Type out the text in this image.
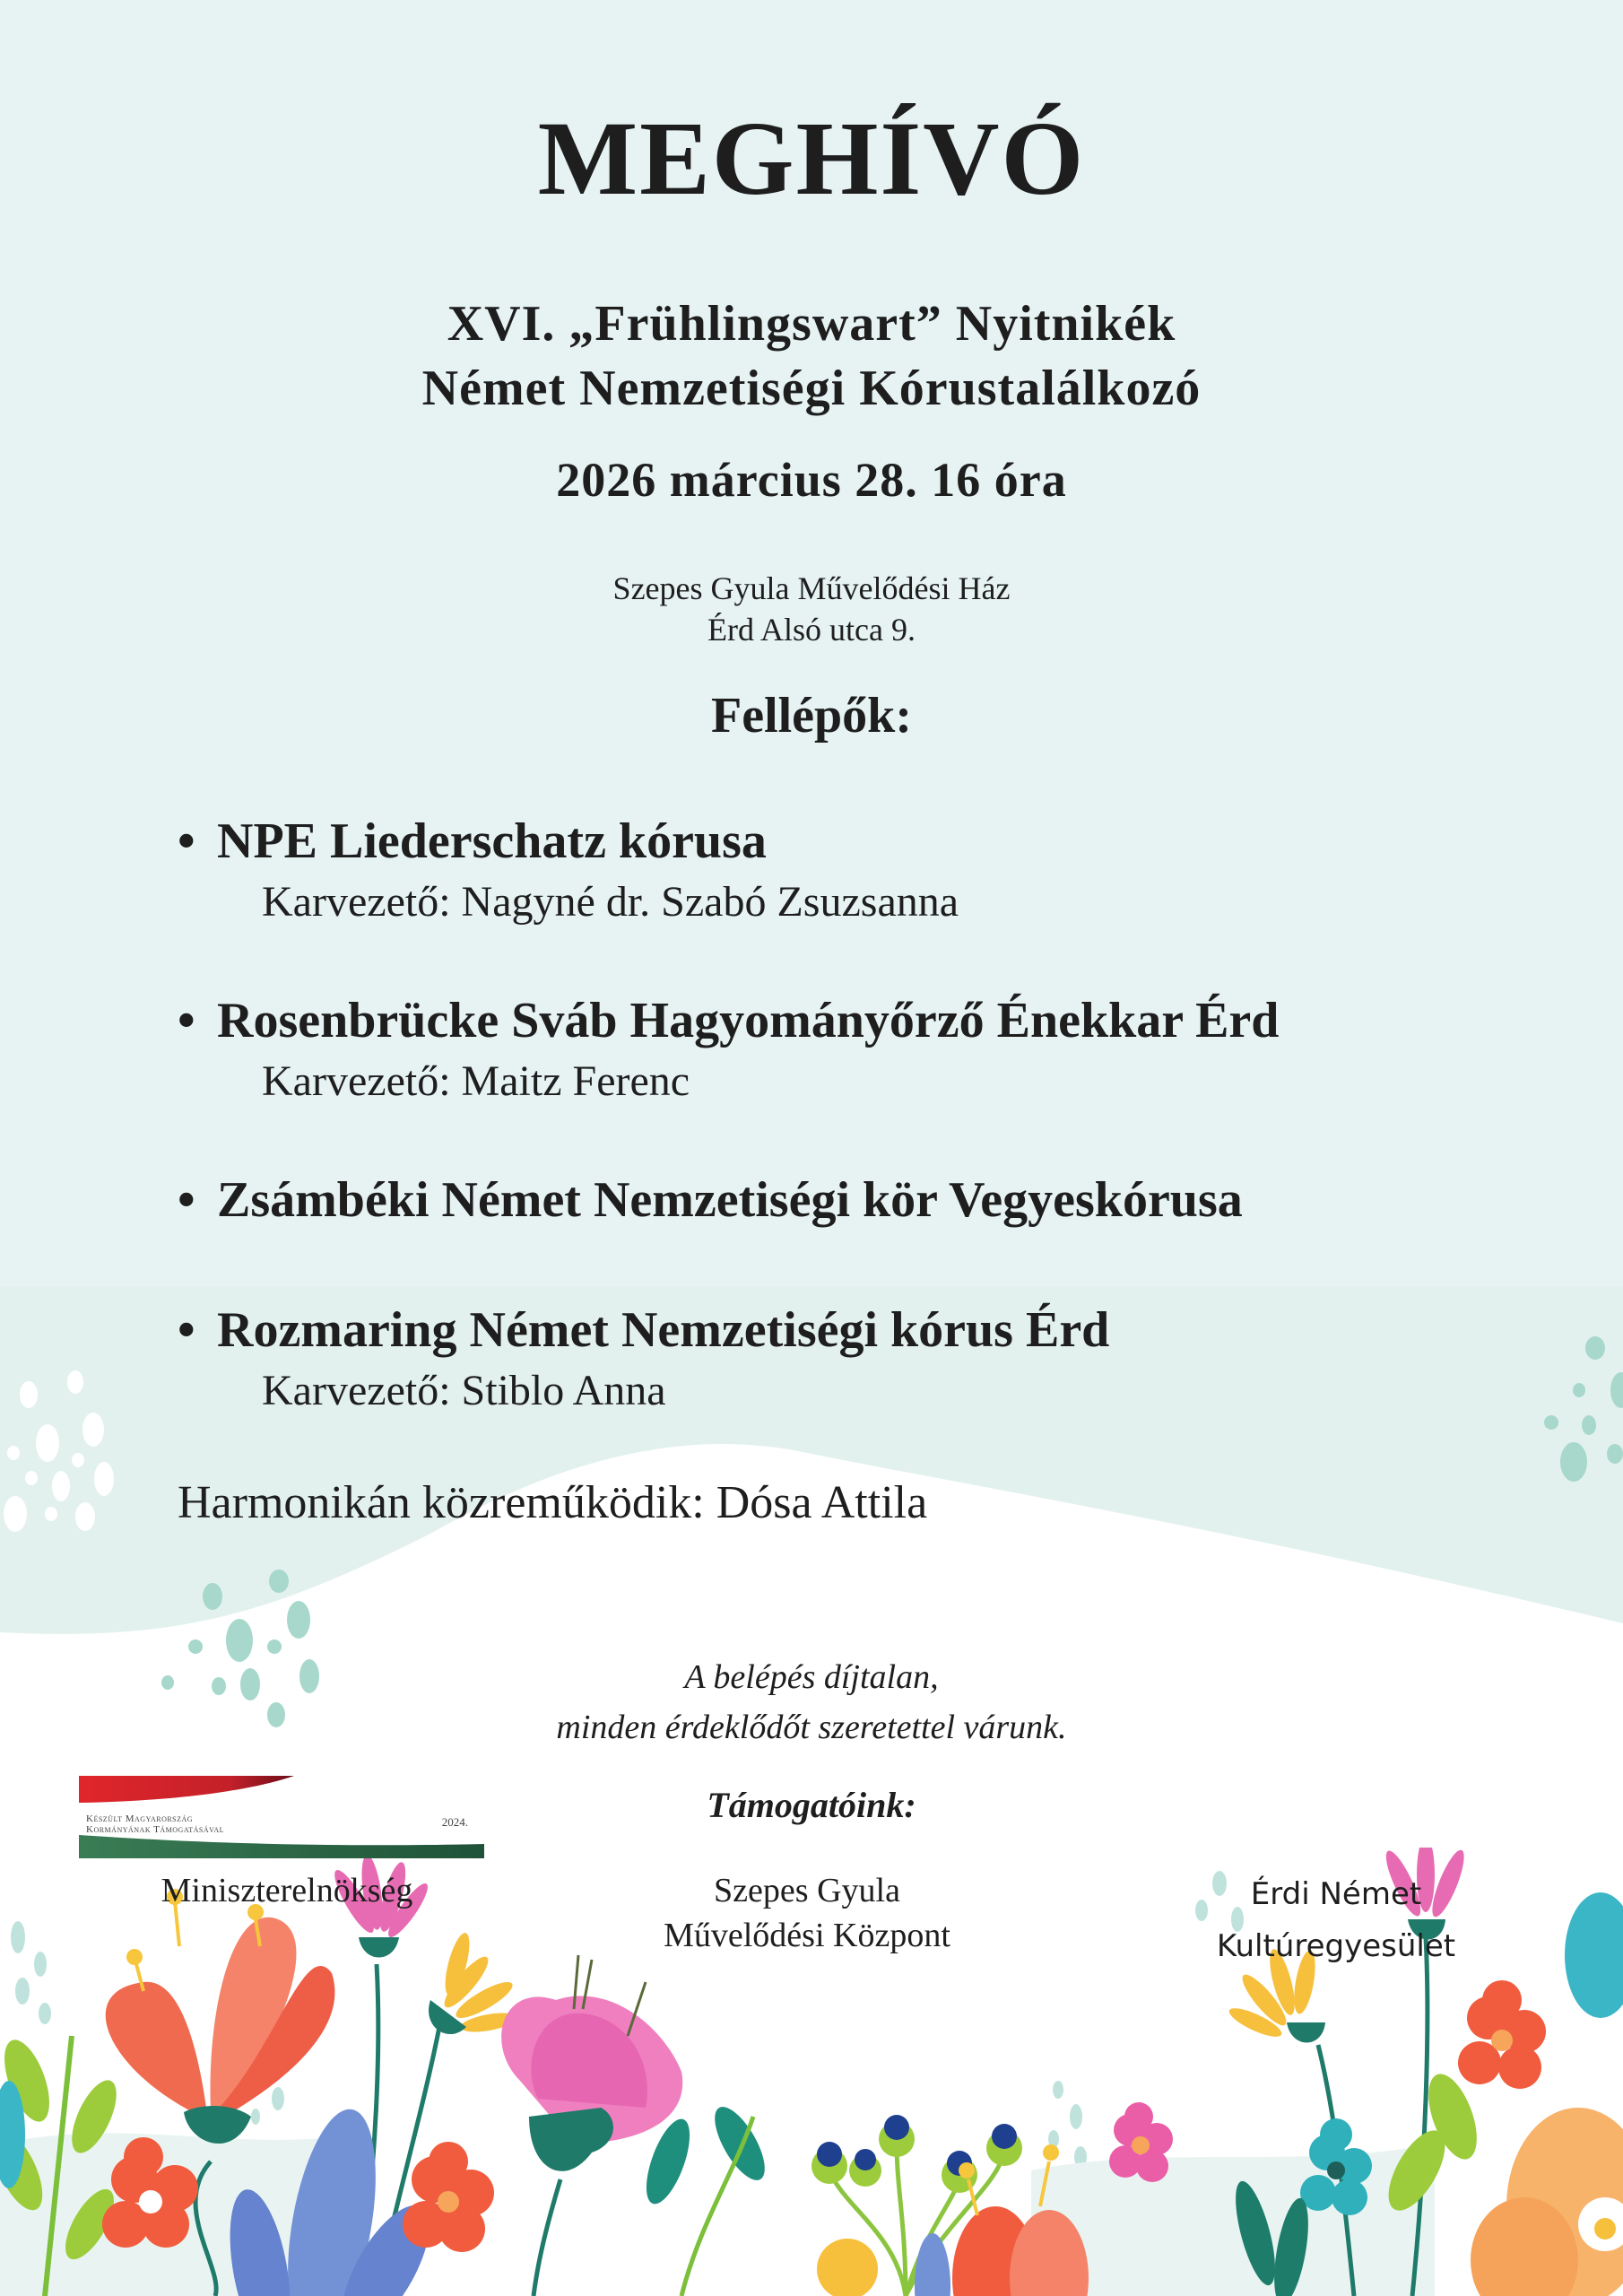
MEGHÍVÓ
XVI. „Frühlingswart” Nyitnikék
Német Nemzetiségi Kórustalálkozó
2026 március 28. 16 óra
Szepes Gyula Művelődési Ház
Érd Alsó utca 9.
Fellépők:
• NPE Liederschatz kórusa
Karvezető: Nagyné dr. Szabó Zsuzsanna
• Rosenbrücke Sváb Hagyományőrző Énekkar Érd
Karvezető: Maitz Ferenc
• Zsámbéki Német Nemzetiségi kör Vegyeskórusa
• Rozmaring Német Nemzetiségi kórus Érd
Karvezető: Stiblo Anna
Harmonikán közreműködik: Dósa Attila
A belépés díjtalan,
minden érdeklődőt szeretettel várunk.
Támogatóink:
Készült Magyarország
Kormányának Támogatásával
2024.
Miniszterelnökség	Szepes Gyula
Művelődési Központ
Érdi Német
Kultúregyesület
